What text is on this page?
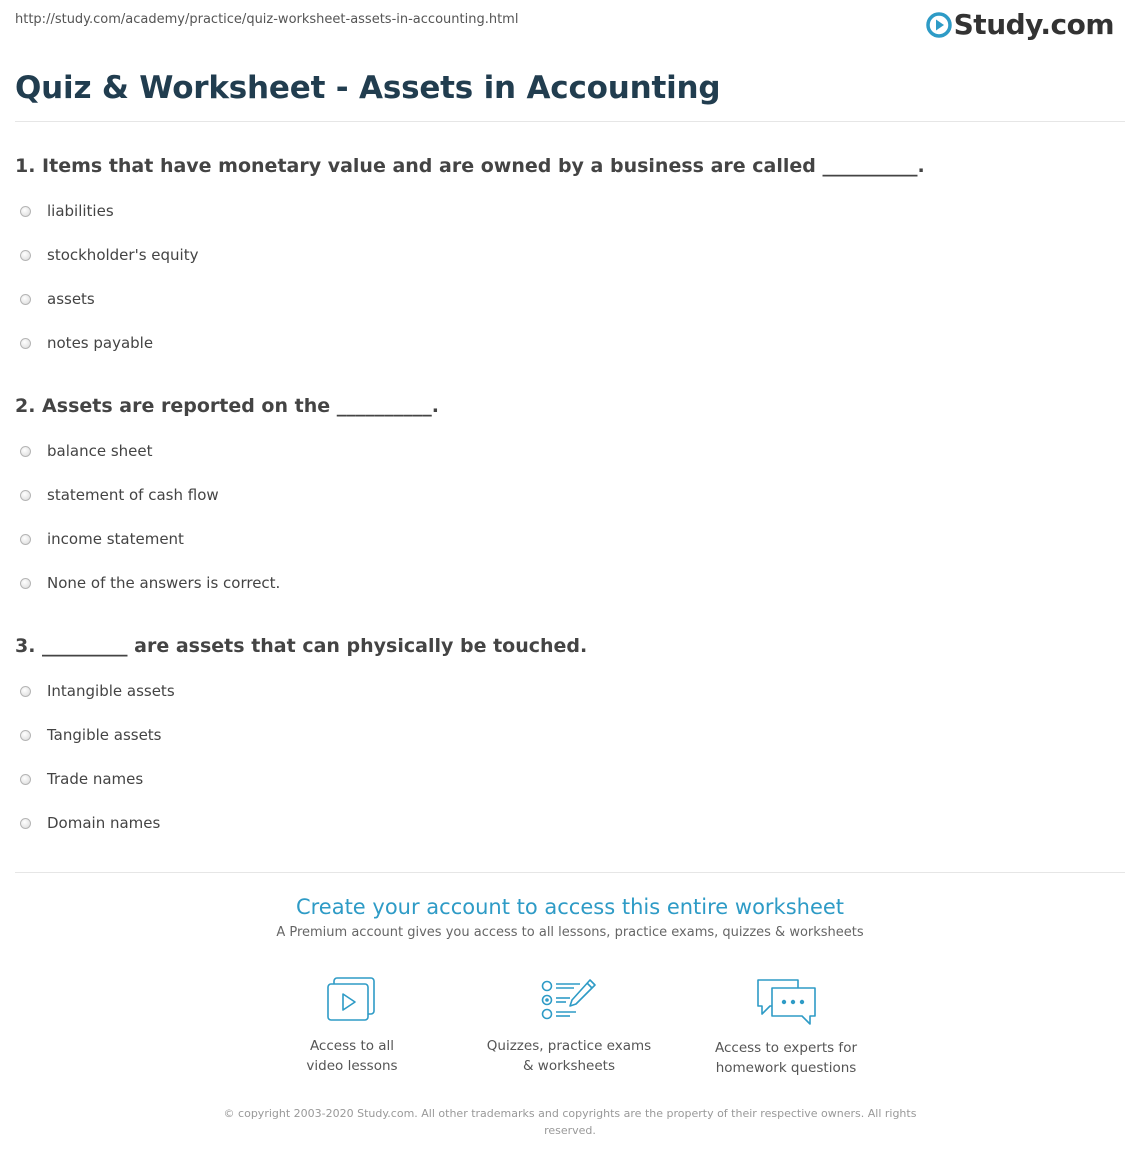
http://study.com/academy/practice/quiz-worksheet-assets-in-accounting.html	Study.com
Quiz & Worksheet - Assets in Accounting
1. Items that have monetary value and are owned by a business are called __________.
liabilities
stockholder's equity
assets
notes payable
2. Assets are reported on the __________.
balance sheet
statement of cash flow
income statement
None of the answers is correct.
3. _________ are assets that can physically be touched.
Intangible assets
Tangible assets
Trade names
Domain names
Create your account to access this entire worksheet
A Premium account gives you access to all lessons, practice exams, quizzes & worksheets
Access to all
video lessons
Quizzes, practice exams
& worksheets
Access to experts for
homework questions
© copyright 2003-2020 Study.com. All other trademarks and copyrights are the property of their respective owners. All rights reserved.
